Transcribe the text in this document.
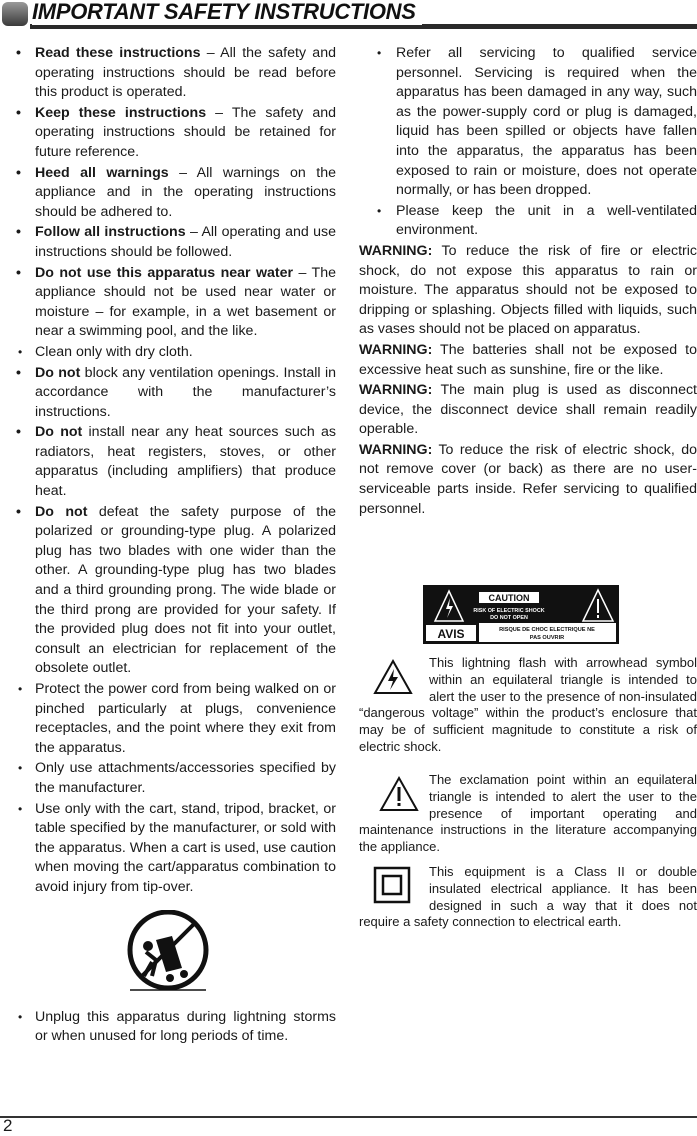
IMPORTANT SAFETY INSTRUCTIONS
• Read these instructions – All the safety and operating instructions should be read before this product is operated.
• Keep these instructions – The safety and operating instructions should be retained for future reference.
• Heed all warnings – All warnings on the appliance and in the operating instructions should be adhered to.
• Follow all instructions – All operating and use instructions should be followed.
• Do not use this apparatus near water – The appliance should not be used near water or moisture – for example, in a wet basement or near a swimming pool, and the like.
• Clean only with dry cloth.
• Do not block any ventilation openings. Install in accordance with the manufacturer’s instructions.
• Do not install near any heat sources such as radiators, heat registers, stoves, or other apparatus (including amplifiers) that produce heat.
• Do not defeat the safety purpose of the polarized or grounding-type plug. A polarized plug has two blades with one wider than the other. A grounding-type plug has two blades and a third grounding prong. The wide blade or the third prong are provided for your safety. If the provided plug does not fit into your outlet, consult an electrician for replacement of the obsolete outlet.
• Protect the power cord from being walked on or pinched particularly at plugs, convenience receptacles, and the point where they exit from the apparatus.
• Only use attachments/accessories specified by the manufacturer.
• Use only with the cart, stand, tripod, bracket, or table specified by the manufacturer, or sold with the apparatus. When a cart is used, use caution when moving the cart/apparatus combination to avoid injury from tip-over.
• Unplug this apparatus during lightning storms or when unused for long periods of time.
• Refer all servicing to qualified service personnel. Servicing is required when the apparatus has been damaged in any way, such as the power-supply cord or plug is damaged, liquid has been spilled or objects have fallen into the apparatus, the apparatus has been exposed to rain or moisture, does not operate normally, or has been dropped.
• Please keep the unit in a well-ventilated environment.
WARNING: To reduce the risk of fire or electric shock, do not expose this apparatus to rain or moisture. The apparatus should not be exposed to dripping or splashing. Objects filled with liquids, such as vases should not be placed on apparatus.
WARNING: The batteries shall not be exposed to excessive heat such as sunshine, fire or the like.
WARNING: The main plug is used as disconnect device, the disconnect device shall remain readily operable.
WARNING: To reduce the risk of electric shock, do not remove cover (or back) as there are no user-serviceable parts inside. Refer servicing to qualified personnel.
CAUTION
RISK OF ELECTRIC SHOCK
DO NOT OPEN
AVIS	RISQUE DE CHOC ELECTRIQUE NE
PAS OUVRIR
This lightning flash with arrowhead symbol within an equilateral triangle is intended to alert the user to the presence of non-insulated “dangerous voltage” within the product’s enclosure that may be of sufficient magnitude to constitute a risk of electric shock.
The exclamation point within an equilateral triangle is intended to alert the user to the presence of important operating and maintenance instructions in the literature accompanying the appliance.
This equipment is a Class II or double insulated electrical appliance. It has been designed in such a way that it does not require a safety connection to electrical earth.
2
